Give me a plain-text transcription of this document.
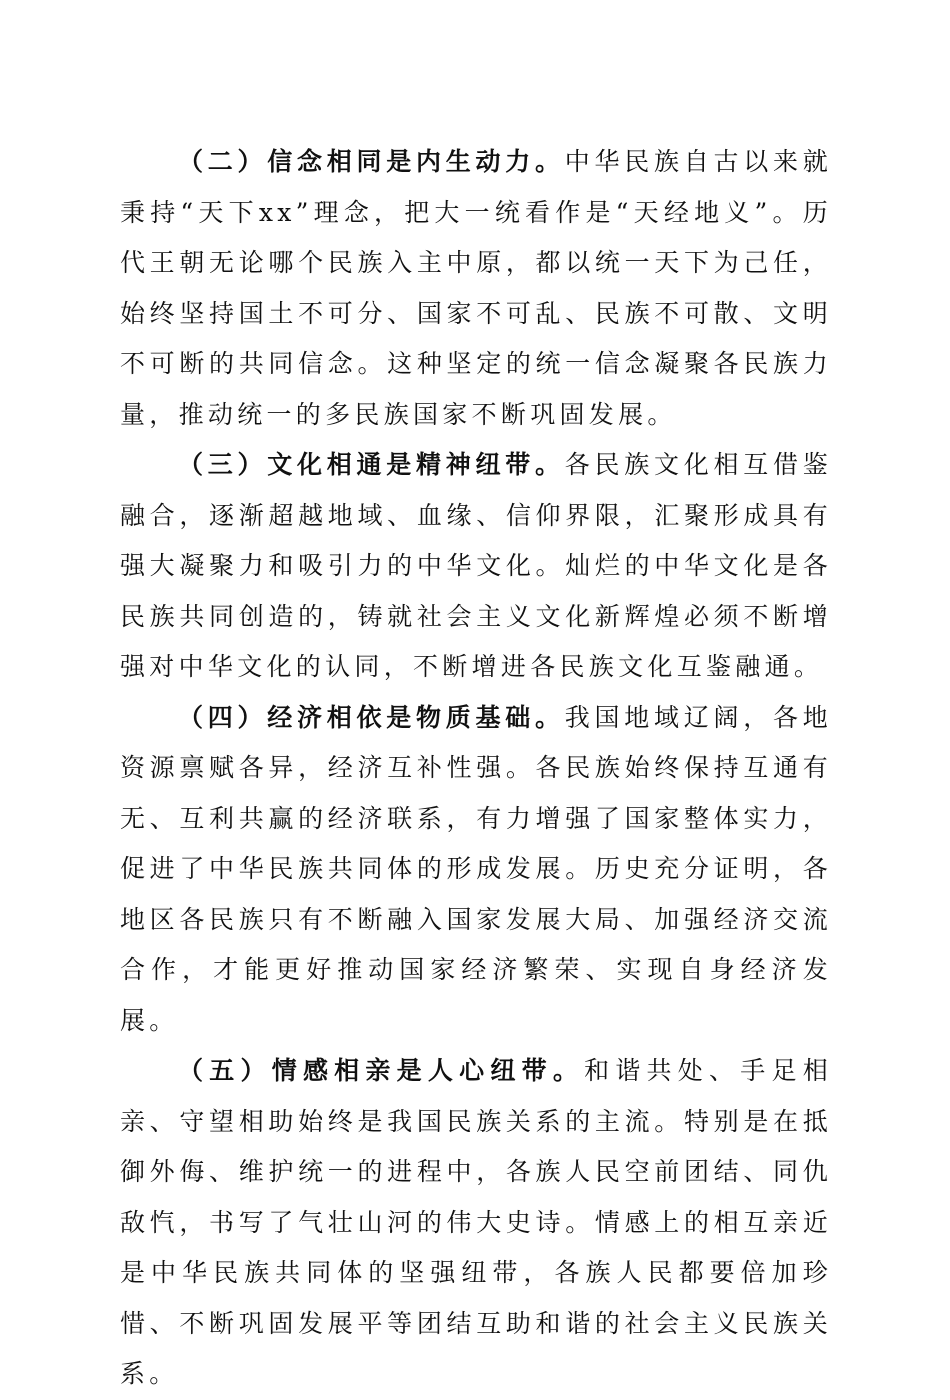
（二）信念相同是内生动力。中华民族自古以来就秉持“天下xx”理念，把大一统看作是“天经地义”。历代王朝无论哪个民族入主中原，都以统一天下为己任，始终坚持国土不可分、国家不可乱、民族不可散、文明不可断的共同信念。这种坚定的统一信念凝聚各民族力量，推动统一的多民族国家不断巩固发展。

（三）文化相通是精神纽带。各民族文化相互借鉴融合，逐渐超越地域、血缘、信仰界限，汇聚形成具有强大凝聚力和吸引力的中华文化。灿烂的中华文化是各民族共同创造的，铸就社会主义文化新辉煌必须不断增强对中华文化的认同，不断增进各民族文化互鉴融通。

（四）经济相依是物质基础。我国地域辽阔，各地资源禀赋各异，经济互补性强。各民族始终保持互通有无、互利共赢的经济联系，有力增强了国家整体实力，促进了中华民族共同体的形成发展。历史充分证明，各地区各民族只有不断融入国家发展大局、加强经济交流合作，才能更好推动国家经济繁荣、实现自身经济发展。

（五）情感相亲是人心纽带。和谐共处、手足相亲、守望相助始终是我国民族关系的主流。特别是在抵御外侮、维护统一的进程中，各族人民空前团结、同仇敌忾，书写了气壮山河的伟大史诗。情感上的相互亲近是中华民族共同体的坚强纽带，各族人民都要倍加珍惜、不断巩固发展平等团结互助和谐的社会主义民族关系。
